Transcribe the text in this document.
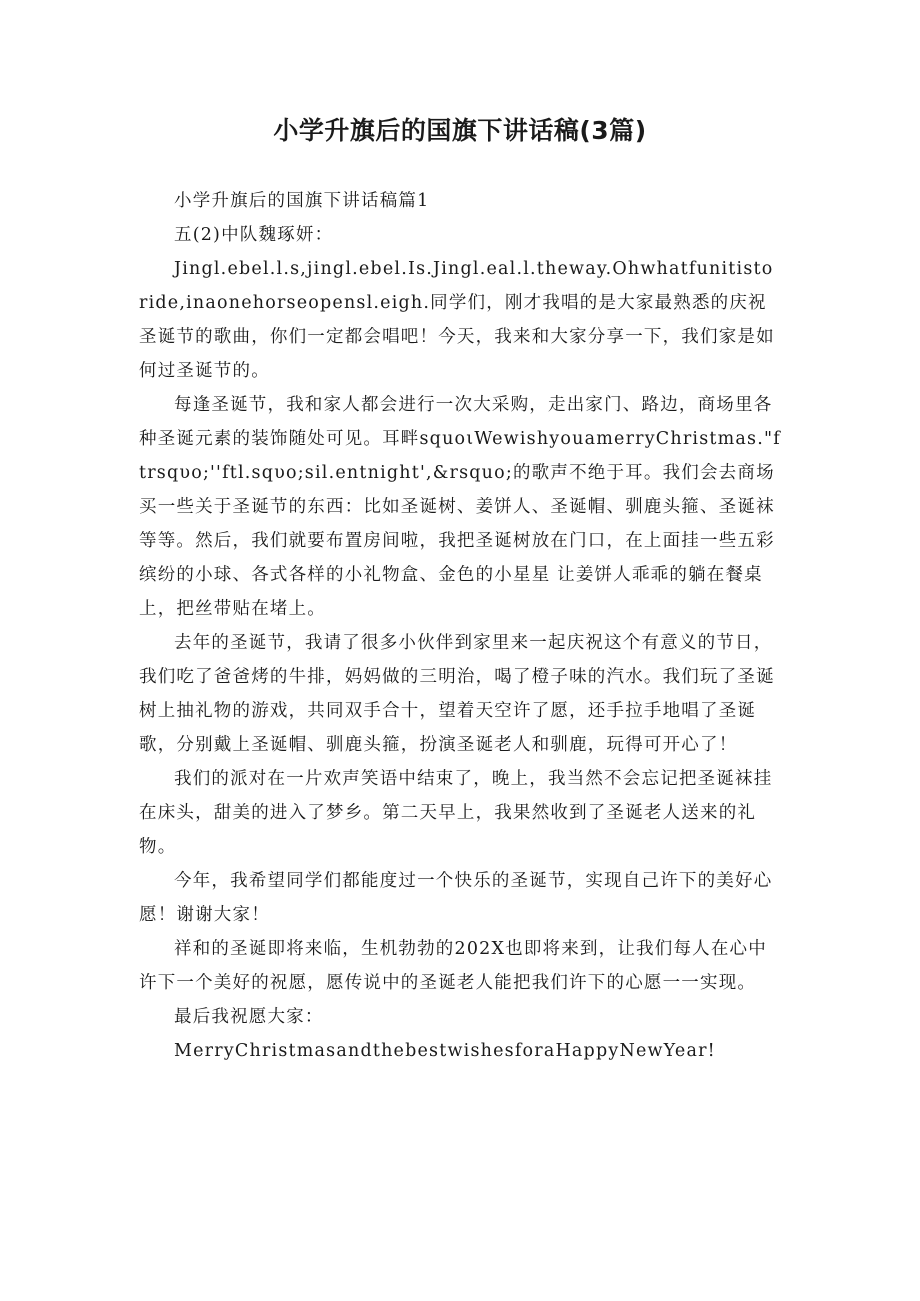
小学升旗后的国旗下讲话稿(3篇)

小学升旗后的国旗下讲话稿篇1

五(2)中队魏琢妍：

Jingl.ebel.l.s,jingl.ebel.Is.Jingl.eal.l.theway.Ohwhatfunitistoride,inaonehorseopensl.eigh.同学们，刚才我唱的是大家最熟悉的庆祝圣诞节的歌曲，你们一定都会唱吧！今天，我来和大家分享一下，我们家是如何过圣诞节的。

每逢圣诞节，我和家人都会进行一次大采购，走出家门、路边，商场里各种圣诞元素的装饰随处可见。耳畔squoιWewishyouamerryChristmas."ftrsqυo;''ftl.sqυo;sil.entnight',&rsquo;的歌声不绝于耳。我们会去商场买一些关于圣诞节的东西：比如圣诞树、姜饼人、圣诞帽、驯鹿头箍、圣诞袜等等。然后，我们就要布置房间啦，我把圣诞树放在门口，在上面挂一些五彩缤纷的小球、各式各样的小礼物盒、金色的小星星 让姜饼人乖乖的躺在餐桌上，把丝带贴在堵上。

去年的圣诞节，我请了很多小伙伴到家里来一起庆祝这个有意义的节日，我们吃了爸爸烤的牛排，妈妈做的三明治，喝了橙子味的汽水。我们玩了圣诞树上抽礼物的游戏，共同双手合十，望着天空许了愿，还手拉手地唱了圣诞歌，分别戴上圣诞帽、驯鹿头箍，扮演圣诞老人和驯鹿，玩得可开心了！

我们的派对在一片欢声笑语中结束了，晚上，我当然不会忘记把圣诞袜挂在床头，甜美的进入了梦乡。第二天早上，我果然收到了圣诞老人送来的礼物。

今年，我希望同学们都能度过一个快乐的圣诞节，实现自己许下的美好心愿！谢谢大家！

祥和的圣诞即将来临，生机勃勃的202X也即将来到，让我们每人在心中许下一个美好的祝愿，愿传说中的圣诞老人能把我们许下的心愿一一实现。

最后我祝愿大家：

MerryChristmasandthebestwishesforaHappyNewYear!
